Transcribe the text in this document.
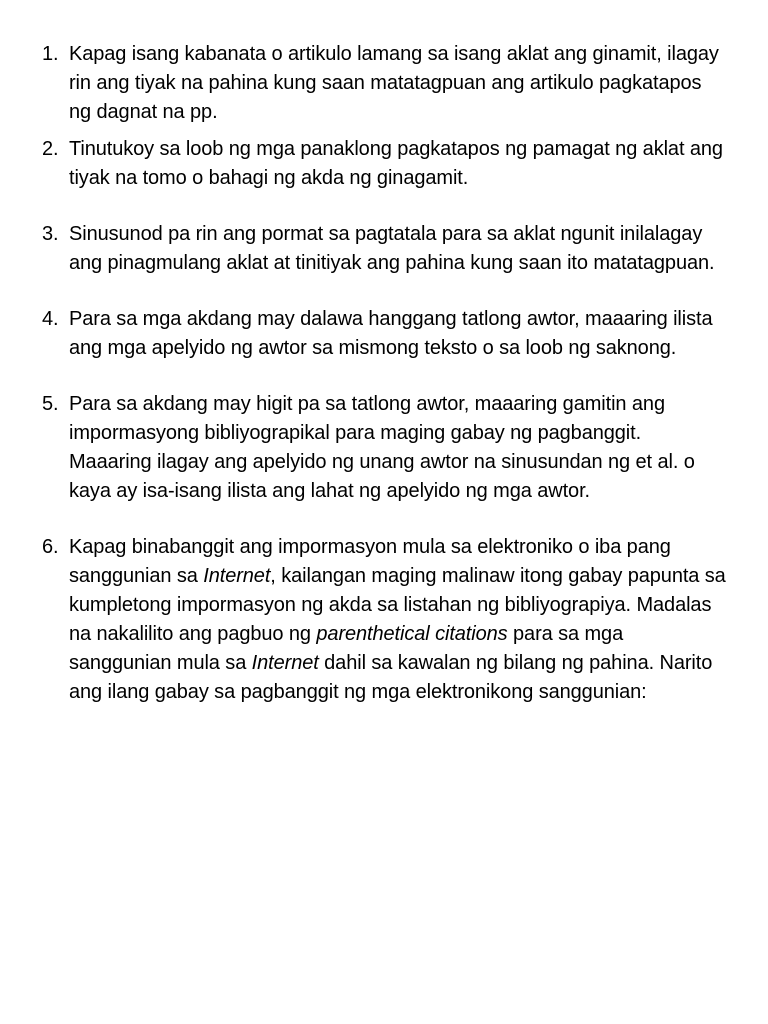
1. Kapag isang kabanata o artikulo lamang sa isang aklat ang ginamit, ilagay rin ang tiyak na pahina kung saan matatagpuan ang artikulo pagkatapos ng dagnat na pp.
2. Tinutukoy sa loob ng mga panaklong pagkatapos ng pamagat ng aklat ang tiyak na tomo o bahagi ng akda ng ginagamit.
3. Sinusunod pa rin ang pormat sa pagtatala para sa aklat ngunit inilalagay ang pinagmulang aklat at tinitiyak ang pahina kung saan ito matatagpuan.
4. Para sa mga akdang may dalawa hanggang tatlong awtor, maaaring ilista ang mga apelyido ng awtor sa mismong teksto o sa loob ng saknong.
5. Para sa akdang may higit pa sa tatlong awtor, maaaring gamitin ang impormasyong bibliyograpikal para maging gabay ng pagbanggit. Maaaring ilagay ang apelyido ng unang awtor na sinusundan ng et al. o kaya ay isa-isang ilista ang lahat ng apelyido ng mga awtor.
6. Kapag binabanggit ang impormasyon mula sa elektroniko o iba pang sanggunian sa Internet, kailangan maging malinaw itong gabay papunta sa kumpletong impormasyon ng akda sa listahan ng bibliyograpiya. Madalas na nakalilito ang pagbuo ng parenthetical citations para sa mga sanggunian mula sa Internet dahil sa kawalan ng bilang ng pahina. Narito ang ilang gabay sa pagbanggit ng mga elektronikong sanggunian:
